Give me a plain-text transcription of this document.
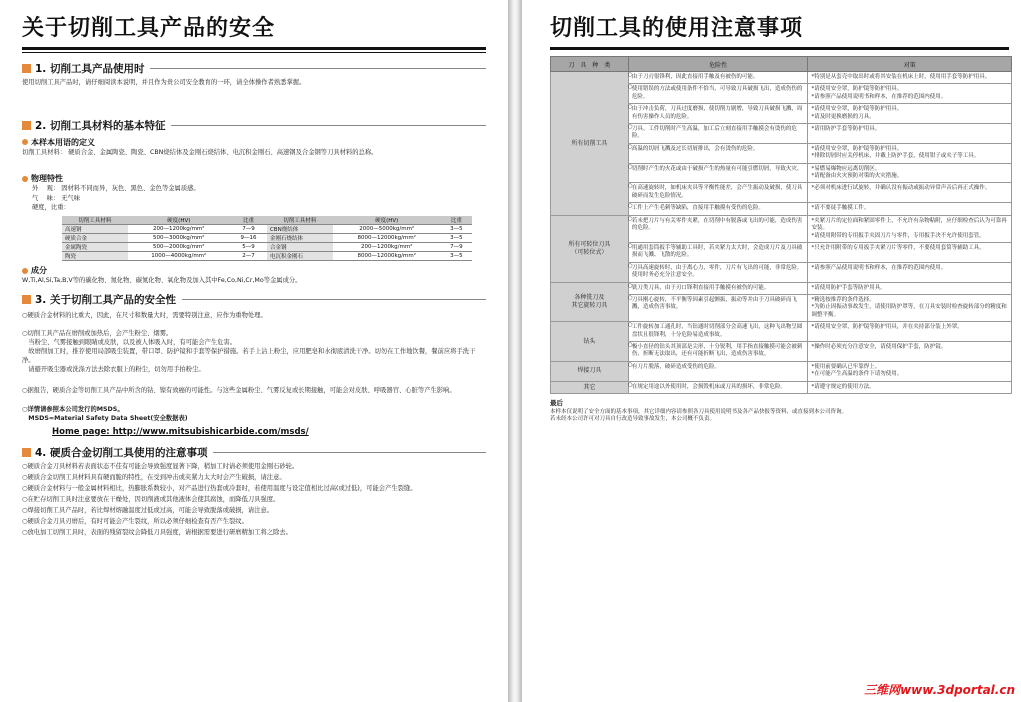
关于切削工具产品的安全
1. 切削工具产品使用时
使用切削工具产品时，请仔细阅读本说明，并且作为贵公司安全教育的一环，请全体操作者熟悉掌握。
2. 切削工具材料的基本特征
本样本用语的定义
切削工具材料： 硬质合金、金属陶瓷、陶瓷、CBN烧结体及金刚石烧结体、电沉积金刚石、高速钢及合金钢等刀具材料的总称。
物理特性
外　 观： 固材料不同而异，灰色、黑色、金色等金属质感。
气　 味： 无气味
硬度，比重：
切削工具材料	硬度(HV)	比重	切削工具材料	硬度(HV)	比重
高速钢	200—1200kg/mm²	7—9	CBN烧结体	2000—5000kg/mm²	3—5
硬质合金	500—3000kg/mm²	9—16	金刚石烧结体	8000—12000kg/mm²	3—5
金属陶瓷	500—2000kg/mm²	5—9	合金钢	200—1200kg/mm²	7—9
陶瓷	1000—4000kg/mm²	2—7	电沉积金刚石	8000—12000kg/mm²	3—5
成分
W,Ti,Al,Si,Ta,B,V等的碳化物、氮化物、碳氮化物、氧化物及加入其中Fe,Co,Ni,Cr,Mo等金属成分。
3. 关于切削工具产品的安全性
○硬质合金材料的比重大，因此，在尺寸和数量大时，需要特别注意，应作为重物处理。
○切削工具产品在磨削或加热后，会产生粉尘、烟雾。
　当粉尘、气雾接触到眼睛或皮肤，以及被人体吸入时，有可能会产生危害。
　故磨削加工时，推荐使用局部吸尘装置，带口罩、防护镜和手套等保护措施。若手上沾上粉尘，应用肥皂和水彻底清洗干净。切勿在工作地饮餐，餐前应将手洗干净。
　请避开吸尘器或洗涤方法去除衣服上的粉尘，切勿用手拍粉尘。
○据报告，硬质合金等切削工具产品中所含的钴、镍有致癌的可能性。与这些金属粉尘、气雾反复或长期接触，可能会对皮肤、呼吸器官、心脏等产生影响。
○详情请参照本公司发行的MSDS。
　MSDS=Material Safety Data Sheet(安全数据表)
Home page: http://www.mitsubishicarbide.com/msds/
4. 硬质合金切削工具使用的注意事项
○硬质合金刀具材料若表面状态不佳有可能会导致强度显著下降，稍加工时请必须使用金刚石砂轮。
○硬质合金切削工具材料具有硬而脆的特性，在受到冲击或夹紧力太大时会产生破损，请注意。
○硬质合金材料与一般金属材料相比，热膨胀系数较小，对产品进行热套或冷套时，若使用温度与设定值相比过高(或过低)，可能会产生裂缝。
○在贮存切削工具时注意要放在干燥处，因切削液或其他液体会使其腐蚀，而降低刀具强度。
○焊接切削工具产品时，若比焊材熔融温度过低或过高，可能会导致脱落或破损，请注意。
○硬质合金刀具刃磨后，有时可能会产生裂纹，所以必须仔细检查有否产生裂纹。
○放电加工切削工具时，表面的残留裂纹会降低刀具强度，请根据需要进行研磨精加工将之除去。
切削工具的使用注意事项
刀　具　种　类	危险性	对策
所有切削工具	○ 由于刀刃很锋利，因此直接用手触及有被伤的可能。	*特别是从套壳中取出时或将其安装在机床上时，使用用手套等防护用具。
	○ 使用错误的方法或使用条件不恰当，可导致刀具破损飞出，造成伤伤的危险。	*请使用安全罩，防护镜等防护用具。
*请参照产品使用说明书和样本，在推荐的范围内使用。
	○ 由于冲击负荷，刀具过度磨损，使切削力剧增，导致刀具破损飞溅，周有伤害操作人员的危险。	*请使用安全罩，防护镜等防护用具。
*请及时更换磨损的刀具。
	○ 刀具、工件切削时产生高温，加工后立刻直接用手触摸会有烫伤的危险。	*请用防护手套等防护用具。
	○ 高温的切屑飞溅及过长切屑排出，会有烫伤的危险。	*请使用安全罩，防护镜等防护用具。
*排除切屑时应关停机床，并戴上防护手套，使用钳子或夹子等工具。
	○ 切削时产生的火花或由于破损产生的热量有可能引燃切屑，导致火灾。	*易燃易爆物应远离切削区。
*请配备由火灾预防对策的火灾措施。
	○ 在高速旋转时，如机床夹具等平衡性能差，会产生振动及破损，使刀具破碎而发生危险情况。	*必须对机床进行试旋转，并确认没有振动或振动异常声音后再正式操作。
	○ 工件上产生毛刺等缺陷，直接用手触摸有受伤的危险。	*请不要徒手触摸工件。
所有可转位刀具
（可转位式）	○ 若未把刀片与有关零件夹紧，在切削中有脱落或飞出的可能，造成伤害的危险。	*夹紧刀片的定位面和紧固零件上，不允许有杂物粘附，应仔细检查后认为可靠再安装。
*请使用附带的专用扳手夹固刀片与零件，专用扳手决不允许使用套管。
	○ 用通用套筒扳手等辅助工具时，若夹紧力太大时，会造成刀片及刀具破损而飞溅、飞散的危险。	*只允许用附带的专用扳手夹紧刀片等零件，不要使用套筒等辅助工具。
	○ 刀具高速旋转时，由于离心力，零件，刀片有飞出的可能，非常危险。
使用时务必充分注意安全。	*请参照产品使用说明书和样本，在推荐的范围内使用。
各种铣刀及
其它旋转刀具	○ 铣刀类刀具，由于刃口锋利直接用手触摸有被伤的可能。	*请使用防护手套等防护用具。
	○ 刀具刚心旋转，不平衡等因素引起颤振，振动等并由于刀具破碎而飞溅，造成伤害事故。	*精选按推荐的条件选择。
*为防止因振动事故发生，请使用防护罩等，在刀具安装时检查旋转部分的精度和调整平衡。
钻头	○ 工件旋转加工通孔时，当钻通时切削部分会高速飞出，这种飞出物呈圆盘状且很锋利，十分危险易造成事故。	*请使用安全罩，防护镜等防护用具，并在夹持部分装上外罩。
	○ 极小直径的钻头其顶部是尖形，十分锐利，用手指直接触摸可能会被刺伤，折断无法取出，还有可能折断飞出，造成伤害事故。	*操作时必须充分注意安全，请使用保护手套，防护镜。
焊接刀具	○ 有刀片脱落，破碎造成受伤的危险。	*使用前要确认已牢靠焊上。
*在可能产生高温的条件下请勿使用。
其它	○ 在规定用途以外使用时，会损毁机床或刀具的损坏，非常危险。	*请遵守规定的使用方法。
最后
本样本仅说明了安全方面的基本事项，其它详细内容请参照各刀具使用说明书及各产品快报等资料，或直接到本公司咨询。
若未经本公司许可对刀具自行改造导致事故发生，本公司概不负责。
三维网www.3dportal.cn
